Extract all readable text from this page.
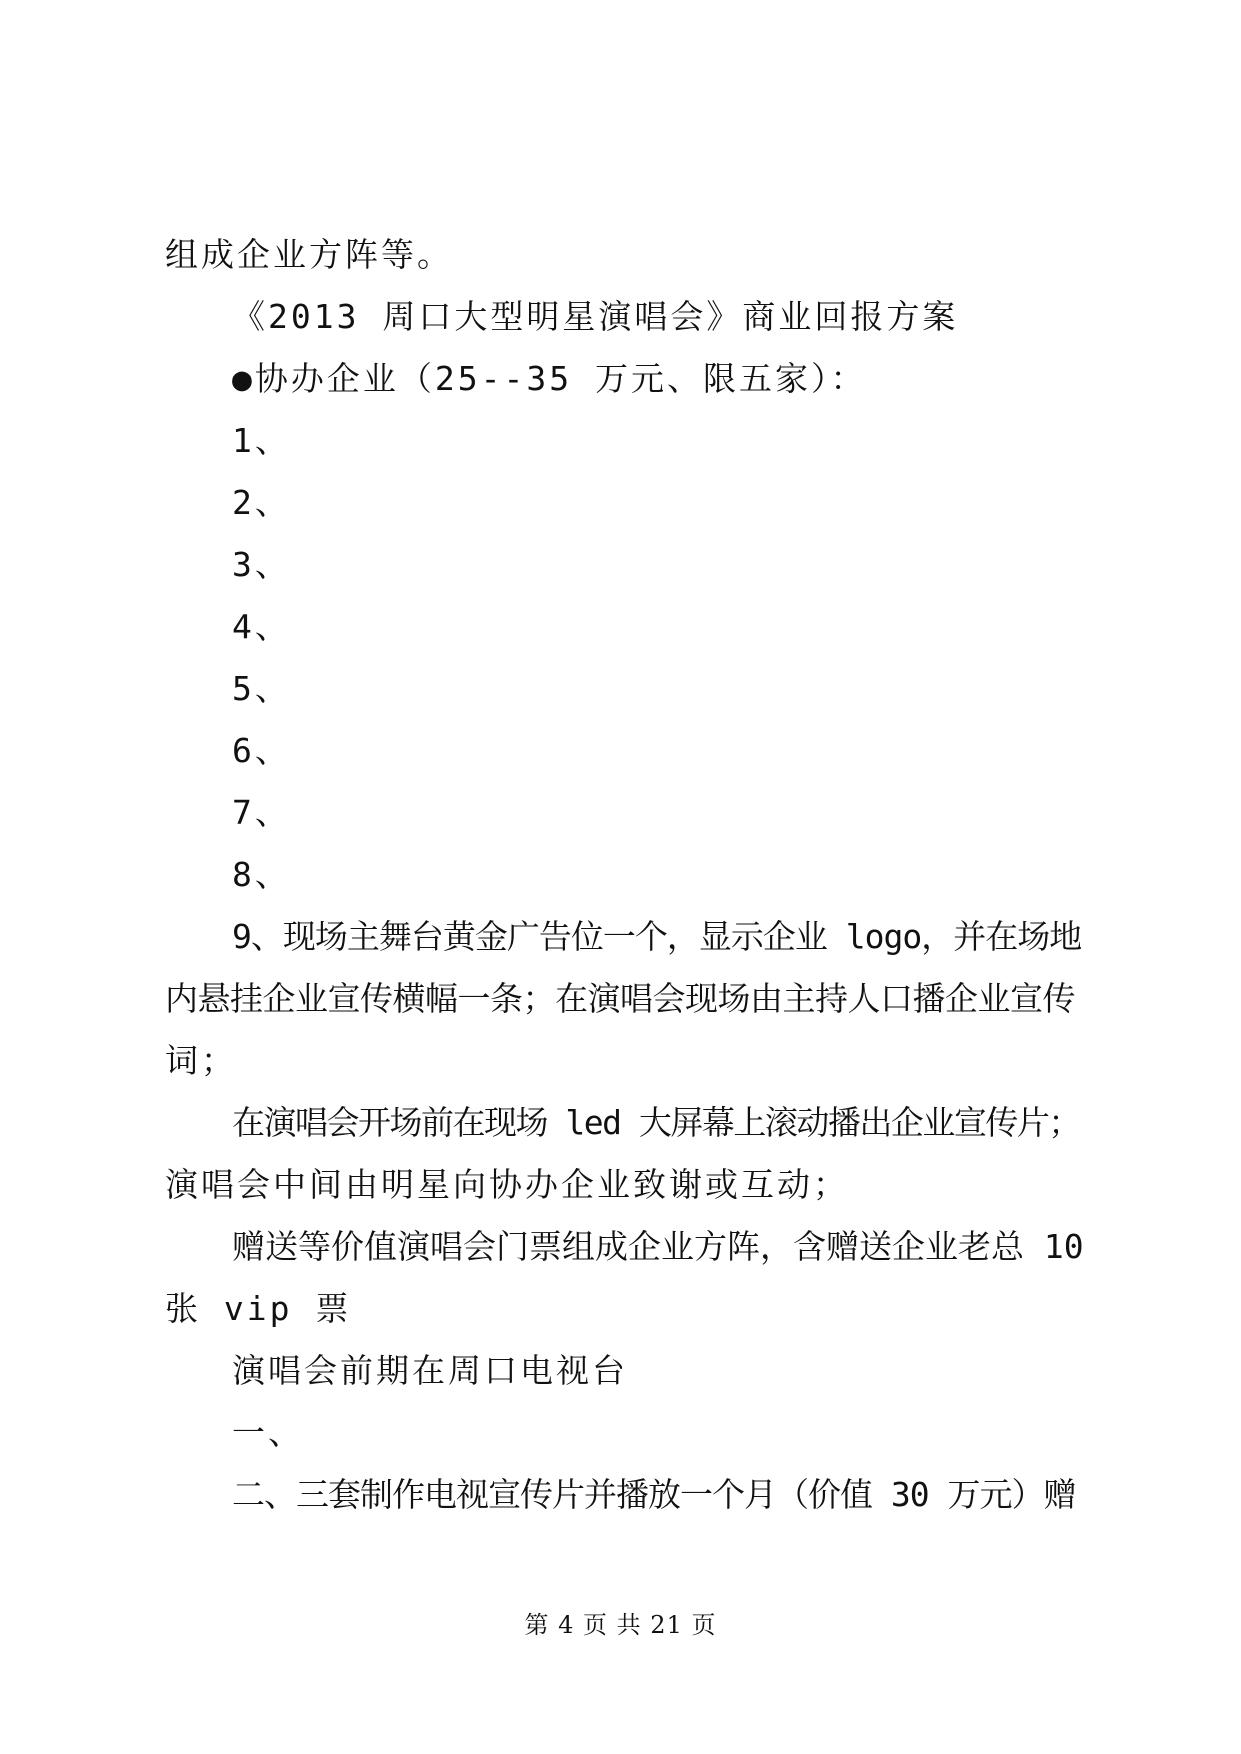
组成企业方阵等。
《2013 周口大型明星演唱会》商业回报方案
●协办企业（25--35 万元、限五家）：
1、
2、
3、
4、
5、
6、
7、
8、
9、现场主舞台黄金广告位一个，显示企业 logo，并在场地
内悬挂企业宣传横幅一条；在演唱会现场由主持人口播企业宣传
词；
在演唱会开场前在现场 led 大屏幕上滚动播出企业宣传片；
演唱会中间由明星向协办企业致谢或互动；
赠送等价值演唱会门票组成企业方阵，含赠送企业老总 10
张 vip 票
演唱会前期在周口电视台
一、
二、三套制作电视宣传片并播放一个月（价值 30 万元）赠
第 4 页 共 21 页
